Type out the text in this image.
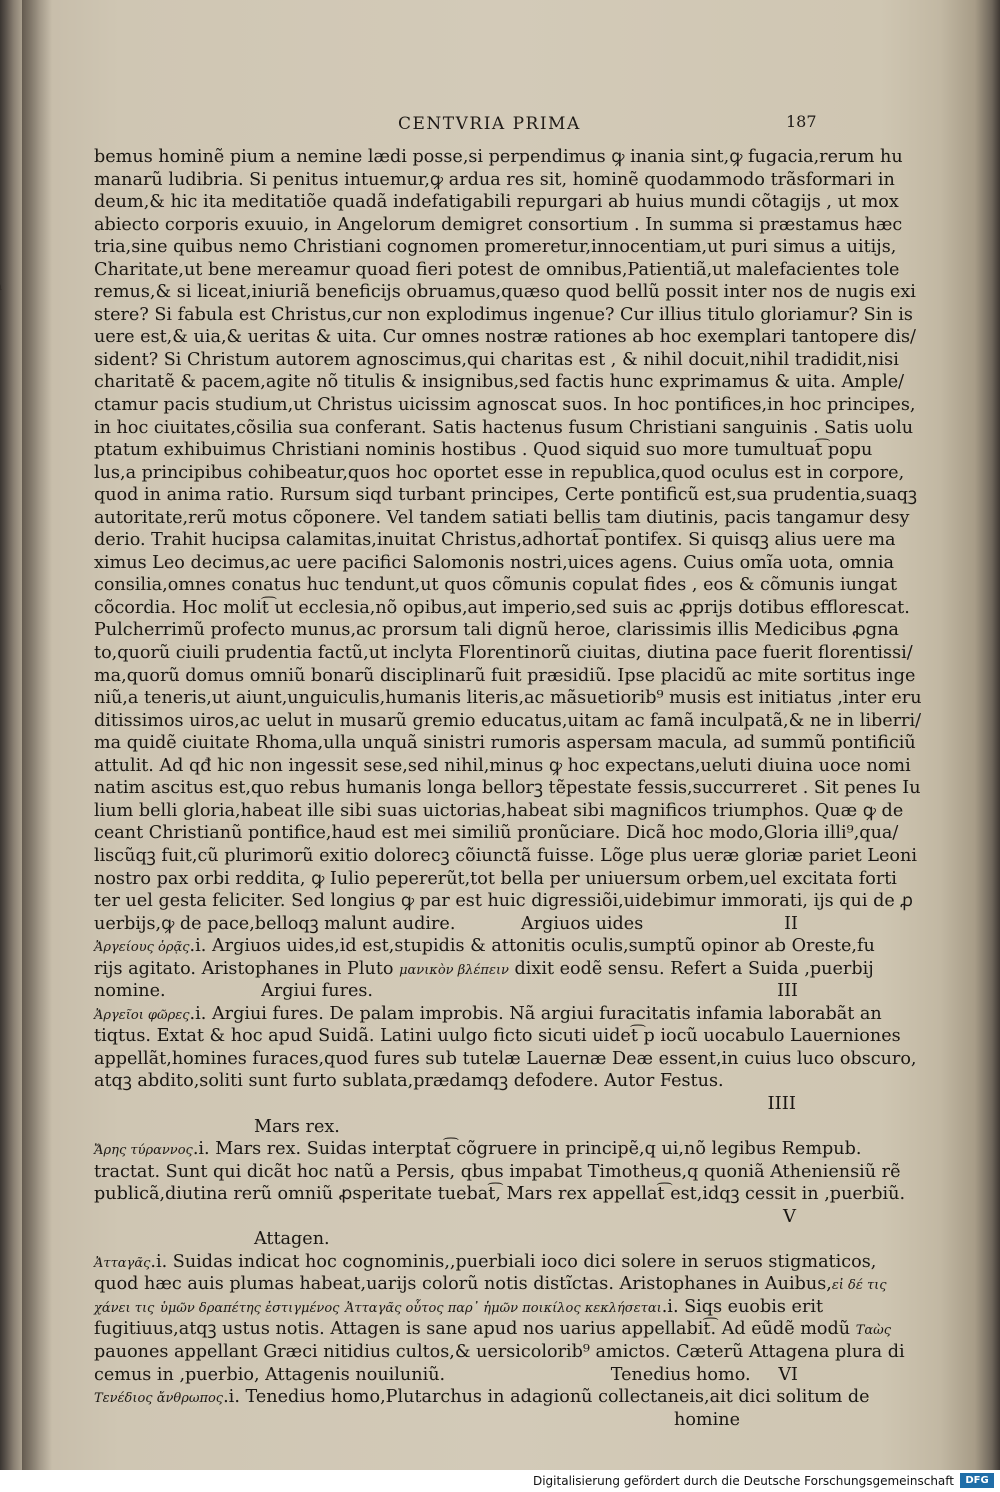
CENTVRIA PRIMA	187
bemus hominẽ pium a nemine lædi posse,si perpendimus ꝙ inania sint,ꝙ fugacia,rerum hu
manarũ ludibria. Si penitus intuemur,ꝙ ardua res sit, hominẽ quodammodo trãsformari in
deum,& hic ita meditatiõe quadã indefatigabili repurgari ab huius mundi cõtagijs , ut mox
abiecto corporis exuuio, in Angelorum demigret consortium . In summa si præstamus hæc
tria,sine quibus nemo Christiani cognomen promeretur,innocentiam,ut puri simus a uitijs,
Charitate,ut bene mereamur quoad fieri potest de omnibus,Patientiã,ut malefacientes tole
remus,& si liceat,iniuriã beneficijs obruamus,quæso quod bellũ possit inter nos de nugis exi
stere? Si fabula est Christus,cur non explodimus ingenue? Cur illius titulo gloriamur? Sin is
uere est,& uia,& ueritas & uita. Cur omnes nostræ rationes ab hoc exemplari tantopere dis/
sident? Si Christum autorem agnoscimus,qui charitas est , & nihil docuit,nihil tradidit,nisi
charitatẽ & pacem,agite nõ titulis & insignibus,sed factis hunc exprimamus & uita. Ample/
ctamur pacis studium,ut Christus uicissim agnoscat suos. In hoc pontifices,in hoc principes,
in hoc ciuitates,cõsilia sua conferant. Satis hactenus fusum Christiani sanguinis . Satis uolu
ptatum exhibuimus Christiani nominis hostibus . Quod siquid suo more tumultuat͡ popu
lus,a principibus cohibeatur,quos hoc oportet esse in republica,quod oculus est in corpore,
quod in anima ratio. Rursum siqd turbant principes, Certe pontificũ est,sua prudentia,suaqꝫ
autoritate,rerũ motus cõponere. Vel tandem satiati bellis tam diutinis, pacis tangamur desy
derio. Trahit hucipsa calamitas,inuitat Christus,adhortat͡ pontifex. Si quisqꝫ alius uere ma
ximus Leo decimus,ac uere pacifici Salomonis nostri,uices agens. Cuius omĩa uota, omnia
consilia,omnes conatus huc tendunt,ut quos cõmunis copulat fides , eos & cõmunis iungat
cõcordia. Hoc molit͡ ut ecclesia,nõ opibus,aut imperio,sed suis ac ꝓprijs dotibus efflorescat.
Pulcherrimũ profecto munus,ac prorsum tali dignũ heroe, clarissimis illis Medicibus ꝓgna
to,quorũ ciuili prudentia factũ,ut inclyta Florentinorũ ciuitas, diutina pace fuerit florentissi/
ma,quorũ domus omniũ bonarũ disciplinarũ fuit præsidiũ. Ipse placidũ ac mite sortitus inge
niũ,a teneris,ut aiunt,unguiculis,humanis literis,ac mãsuetiorib⁹ musis est initiatus ,inter eru
ditissimos uiros,ac uelut in musarũ gremio educatus,uitam ac famã inculpatã,& ne in liberri/
ma quidẽ ciuitate Rhoma,ulla unquã sinistri rumoris aspersam macula, ad summũ pontificiũ
attulit. Ad qđ hic non ingessit sese,sed nihil,minus ꝙ hoc expectans,ueluti diuina uoce nomi
natim ascitus est,quo rebus humanis longa bellorꝫ tẽpestate fessis,succurreret . Sit penes Iu
lium belli gloria,habeat ille sibi suas uictorias,habeat sibi magnificos triumphos. Quæ ꝙ de
ceant Christianũ pontifice,haud est mei similiũ pronũciare. Dicã hoc modo,Gloria illi⁹,qua/
liscũqꝫ fuit,cũ plurimorũ exitio dolorecꝫ cõiunctã fuisse. Lõge plus ueræ gloriæ pariet Leoni
nostro pax orbi reddita, ꝙ Iulio pepererũt,tot bella per uniuersum orbem,uel excitata forti
ter uel gesta feliciter. Sed longius ꝙ par est huic digressiõi,uidebimur immorati, ijs qui de ꝓ
uerbijs,ꝙ de pace,belloqꝫ malunt audire.	Argiuos uides	II
Ἀργείους ὁρᾷς.i. Argiuos uides,id est,stupidis & attonitis oculis,sumptũ opinor ab Oreste,fu
rijs agitato. Aristophanes in Pluto μανικὸν βλέπειν dixit eodẽ sensu. Refert a Suida ,puerbij
nomine.	Argiui fures.	III
Ἀργεῖοι φῶρες.i. Argiui fures. De palam improbis. Nã argiui furacitatis infamia laborabãt an
tiqtus. Extat & hoc apud Suidã. Latini uulgo ficto sicuti uidet͡ p iocũ uocabulo Lauerniones
appellãt,homines furaces,quod fures sub tutelæ Lauernæ Deæ essent,in cuius luco obscuro,
atqꝫ abdito,soliti sunt furto sublata,prædamqꝫ defodere. Autor Festus.
IIII
Mars rex.
Ἄρης τύραννος.i. Mars rex. Suidas interptat͡ cõgruere in principẽ,q ui,nõ legibus Rempub.
tractat. Sunt qui dicãt hoc natũ a Persis, qbus impabat Timotheus,q quoniã Atheniensiũ rẽ
publicã,diutina rerũ omniũ ꝓsperitate tuebat͡, Mars rex appellat͡ est,idqꝫ cessit in ,puerbiũ.
V
Attagen.
Ἀτταγᾶς.i. Suidas indicat hoc cognominis,,puerbiali ioco dici solere in seruos stigmaticos,
quod hæc auis plumas habeat,uarijs colorũ notis distĩctas. Aristophanes in Auibus,εἰ δέ τις
χάνει τις ὑμῶν δραπέτης ἐστιγμένος Ἀτταγᾶς οὗτος παρ᾽ ἡμῶν ποικίλος κεκλήσεται.i. Siqs euobis erit
fugitiuus,atqꝫ ustus notis. Attagen is sane apud nos uarius appellabit͡. Ad eũdẽ modũ Ταὼς
pauones appellant Græci nitidius cultos,& uersicolorib⁹ amictos. Cæterũ Attagena plura di
cemus in ,puerbio, Attagenis nouiluniũ.	Tenedius homo. VI
Τενέδιος ἄνθρωπος.i. Tenedius homo,Plutarchus in adagionũ collectaneis,ait dici solitum de
homine
Digitalisierung gefördert durch die Deutsche Forschungsgemeinschaft	DFG
